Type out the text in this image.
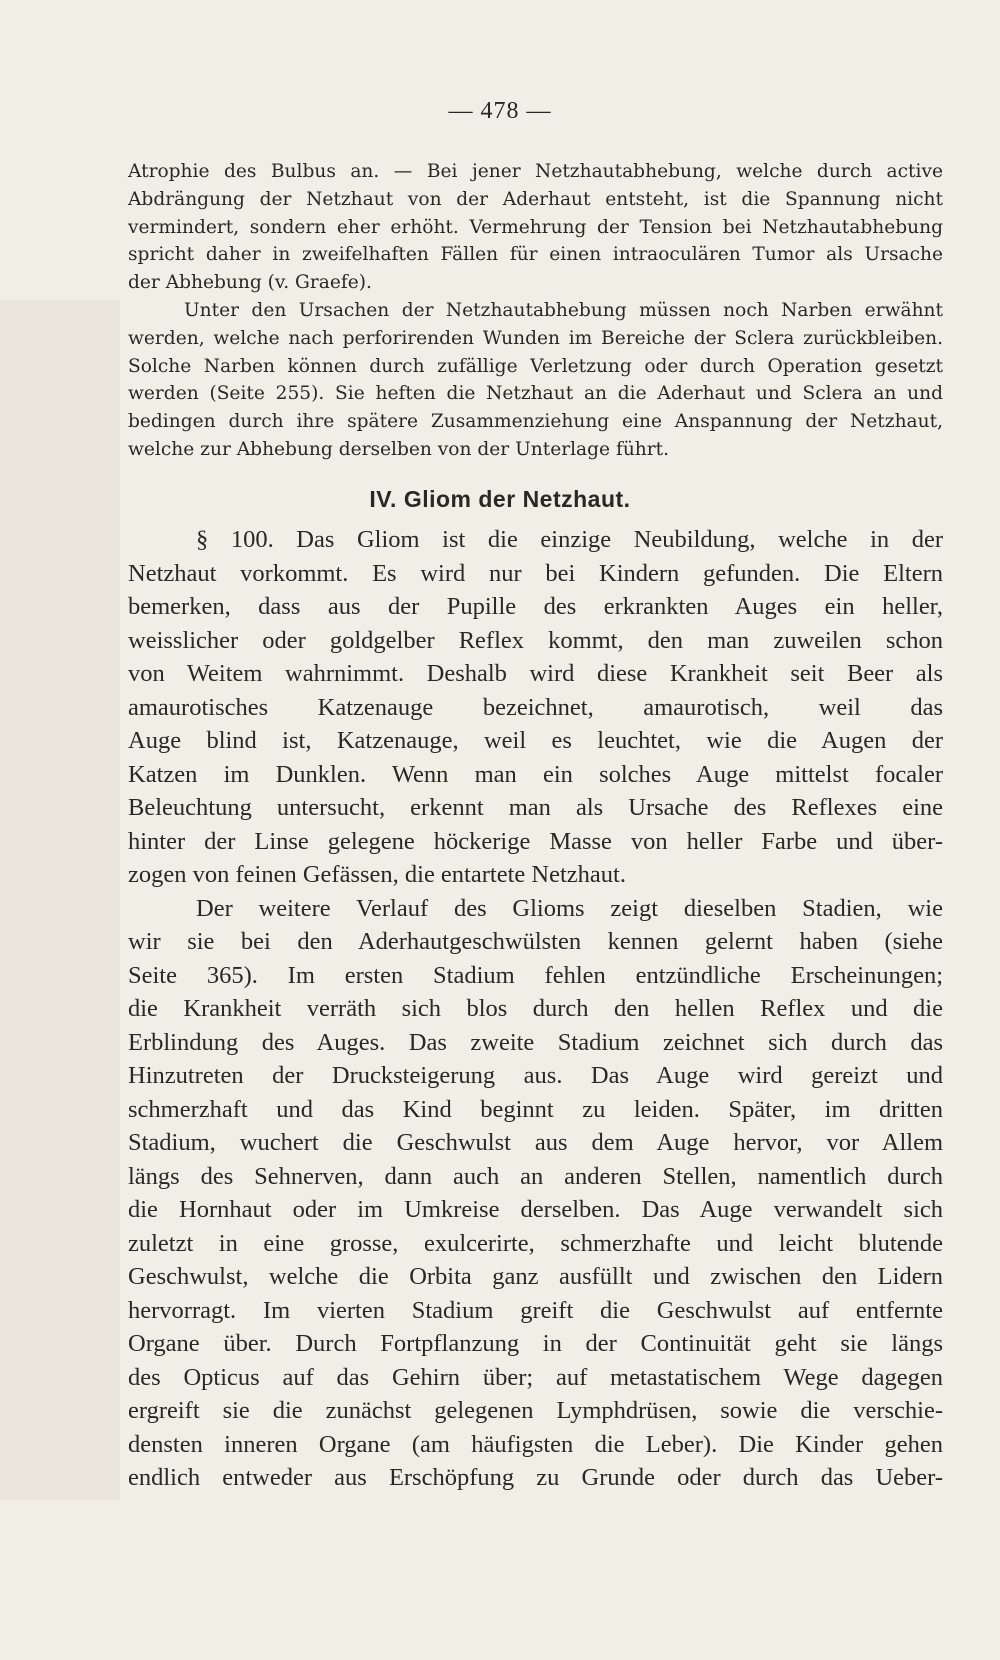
— 478 —
Atrophie des Bulbus an. — Bei jener Netzhautabhebung, welche durch active
Abdrängung der Netzhaut von der Aderhaut entsteht, ist die Spannung nicht
vermindert, sondern eher erhöht. Vermehrung der Tension bei Netzhautabhebung
spricht daher in zweifelhaften Fällen für einen intraoculären Tumor als Ursache
der Abhebung (v. Graefe).
Unter den Ursachen der Netzhautabhebung müssen noch Narben erwähnt
werden, welche nach perforirenden Wunden im Bereiche der Sclera zurückbleiben.
Solche Narben können durch zufällige Verletzung oder durch Operation gesetzt
werden (Seite 255). Sie heften die Netzhaut an die Aderhaut und Sclera an und
bedingen durch ihre spätere Zusammenziehung eine Anspannung der Netzhaut,
welche zur Abhebung derselben von der Unterlage führt.
IV. Gliom der Netzhaut.
§ 100. Das Gliom ist die einzige Neubildung, welche in der
Netzhaut vorkommt. Es wird nur bei Kindern gefunden. Die Eltern
bemerken, dass aus der Pupille des erkrankten Auges ein heller,
weisslicher oder goldgelber Reflex kommt, den man zuweilen schon
von Weitem wahrnimmt. Deshalb wird diese Krankheit seit Beer als
amaurotisches Katzenauge bezeichnet, amaurotisch, weil das
Auge blind ist, Katzenauge, weil es leuchtet, wie die Augen der
Katzen im Dunklen. Wenn man ein solches Auge mittelst focaler
Beleuchtung untersucht, erkennt man als Ursache des Reflexes eine
hinter der Linse gelegene höckerige Masse von heller Farbe und über-
zogen von feinen Gefässen, die entartete Netzhaut.
Der weitere Verlauf des Glioms zeigt dieselben Stadien, wie
wir sie bei den Aderhautgeschwülsten kennen gelernt haben (siehe
Seite 365). Im ersten Stadium fehlen entzündliche Erscheinungen;
die Krankheit verräth sich blos durch den hellen Reflex und die
Erblindung des Auges. Das zweite Stadium zeichnet sich durch das
Hinzutreten der Drucksteigerung aus. Das Auge wird gereizt und
schmerzhaft und das Kind beginnt zu leiden. Später, im dritten
Stadium, wuchert die Geschwulst aus dem Auge hervor, vor Allem
längs des Sehnerven, dann auch an anderen Stellen, namentlich durch
die Hornhaut oder im Umkreise derselben. Das Auge verwandelt sich
zuletzt in eine grosse, exulcerirte, schmerzhafte und leicht blutende
Geschwulst, welche die Orbita ganz ausfüllt und zwischen den Lidern
hervorragt. Im vierten Stadium greift die Geschwulst auf entfernte
Organe über. Durch Fortpflanzung in der Continuität geht sie längs
des Opticus auf das Gehirn über; auf metastatischem Wege dagegen
ergreift sie die zunächst gelegenen Lymphdrüsen, sowie die verschie-
densten inneren Organe (am häufigsten die Leber). Die Kinder gehen
endlich entweder aus Erschöpfung zu Grunde oder durch das Ueber-
